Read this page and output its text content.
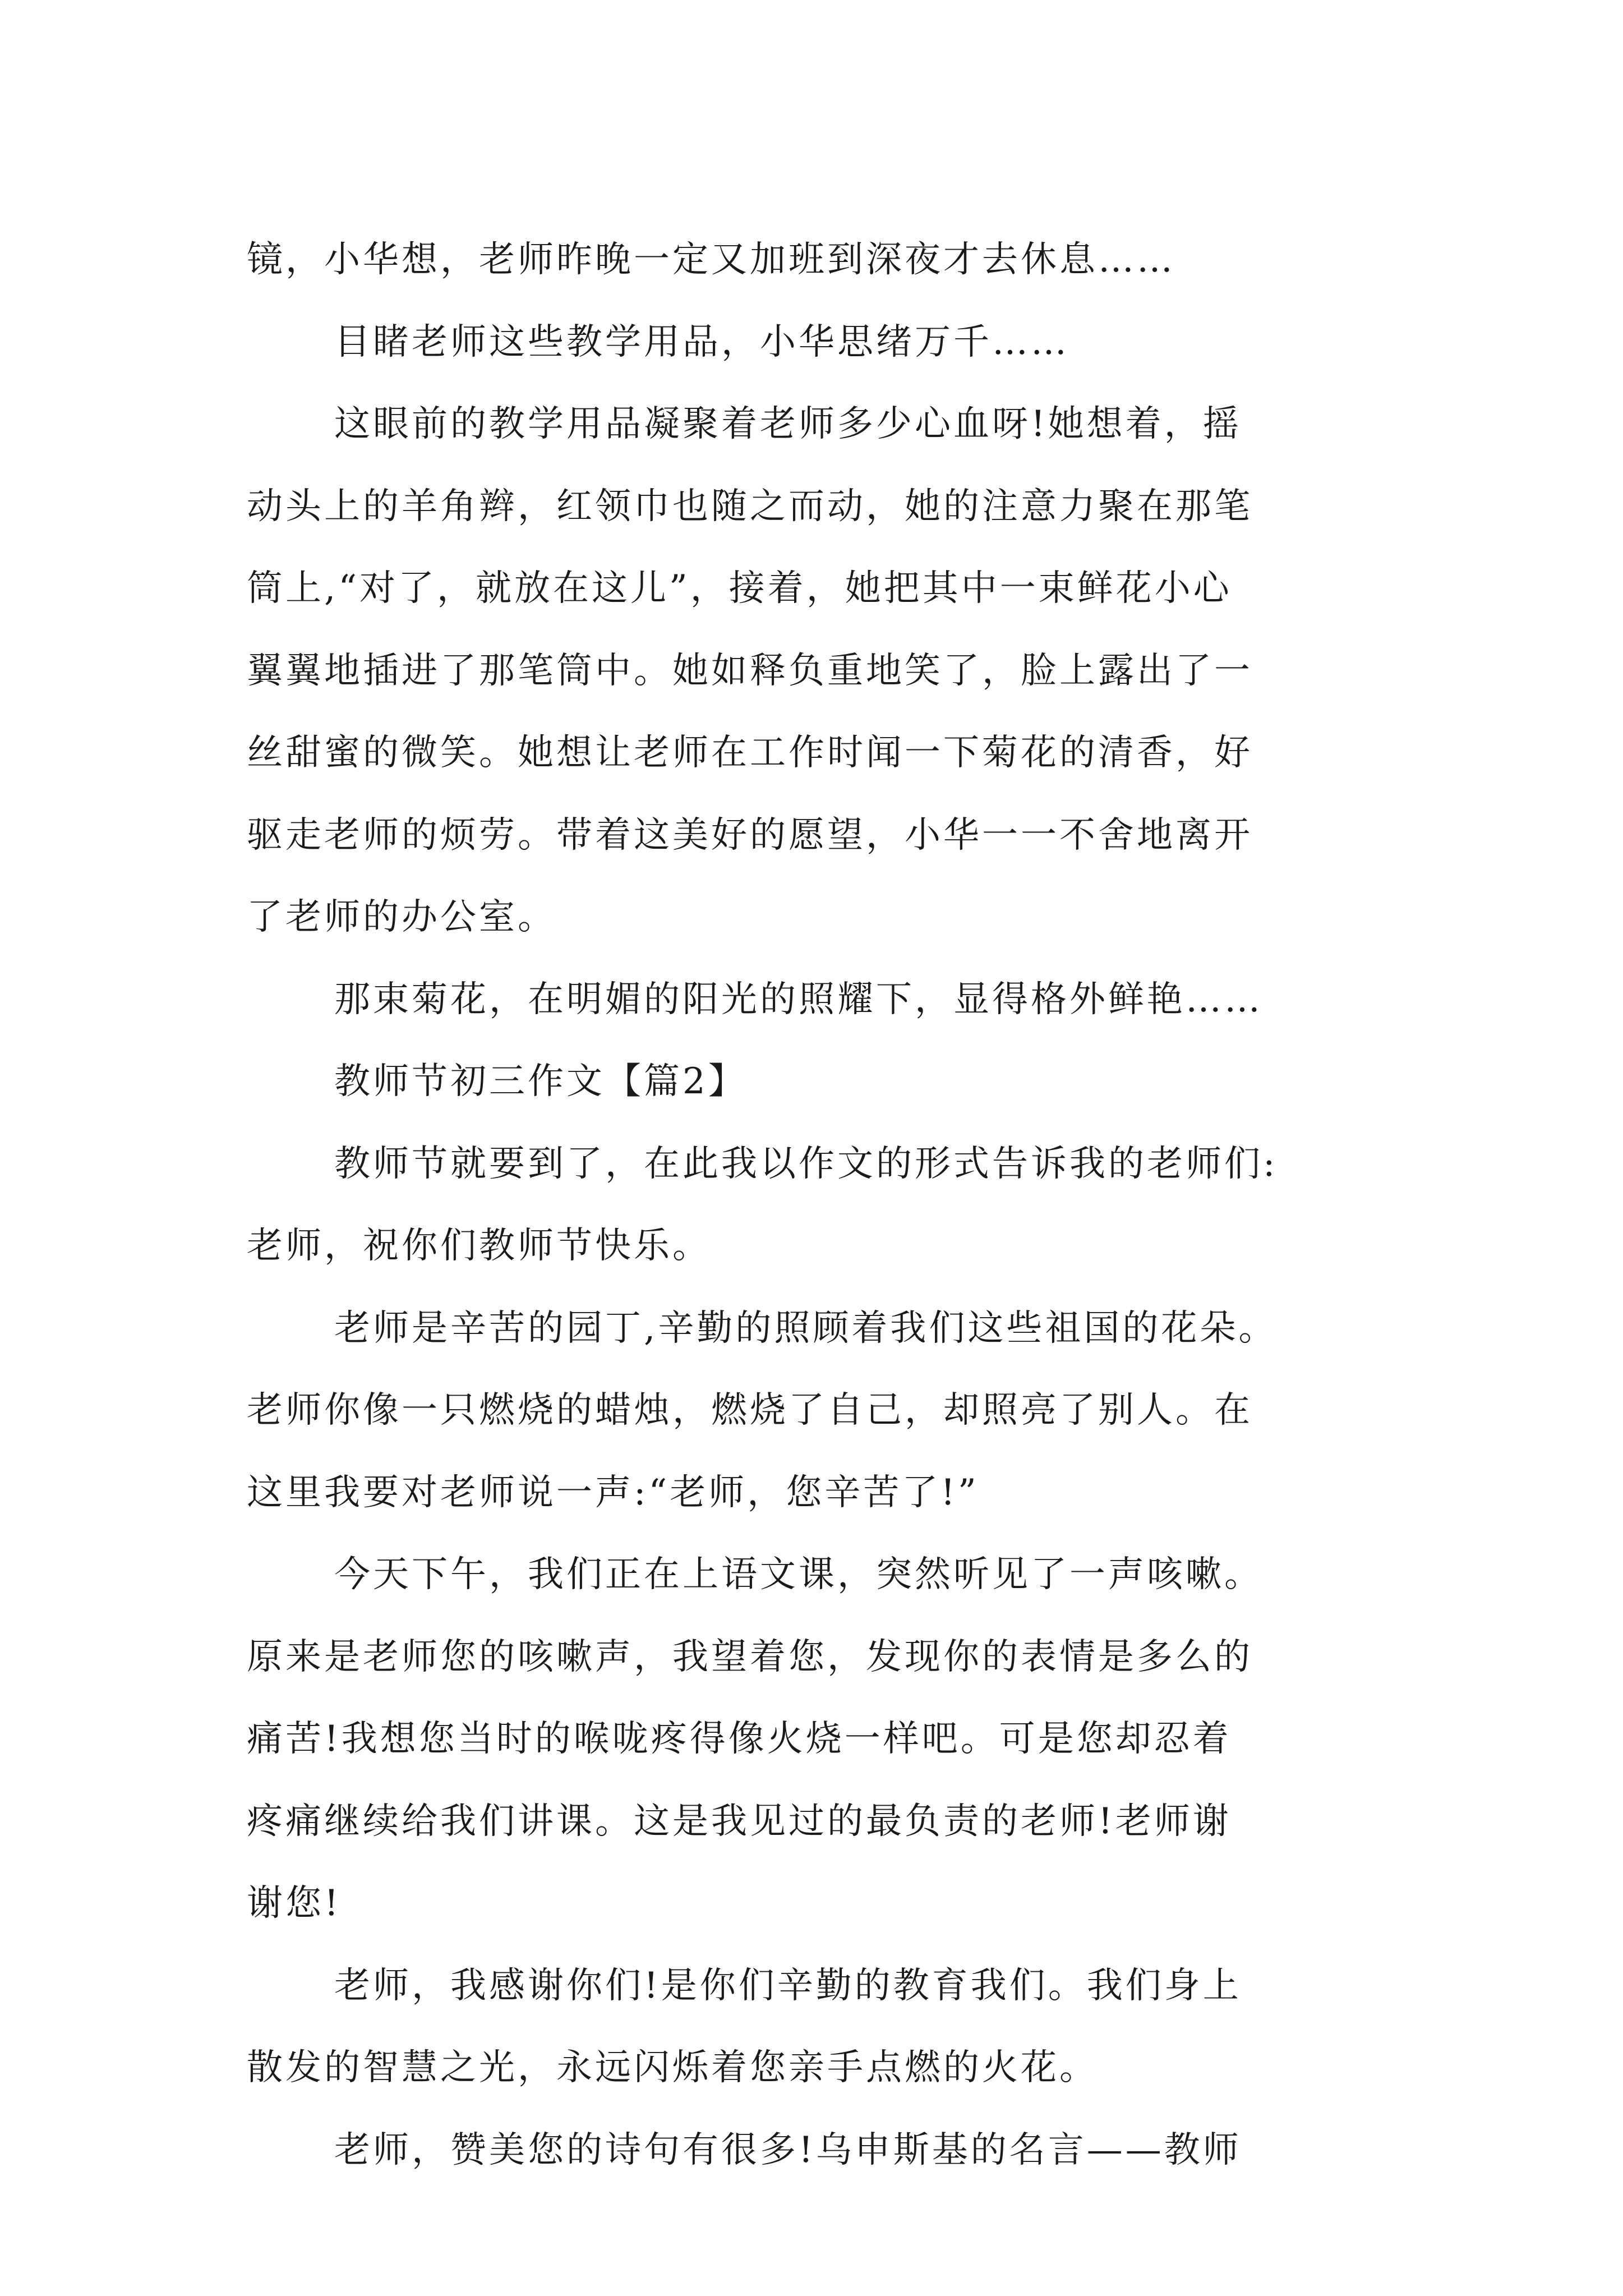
镜，小华想，老师昨晚一定又加班到深夜才去休息……

目睹老师这些教学用品，小华思绪万千……

这眼前的教学用品凝聚着老师多少心血呀!她想着，摇

动头上的羊角辫，红领巾也随之而动，她的注意力聚在那笔

筒上,“对了，就放在这儿”，接着，她把其中一束鲜花小心

翼翼地插进了那笔筒中。她如释负重地笑了，脸上露出了一

丝甜蜜的微笑。她想让老师在工作时闻一下菊花的清香，好

驱走老师的烦劳。带着这美好的愿望，小华一一不舍地离开

了老师的办公室。

那束菊花，在明媚的阳光的照耀下，显得格外鲜艳……

教师节初三作文【篇2】

教师节就要到了，在此我以作文的形式告诉我的老师们:

老师，祝你们教师节快乐。

老师是辛苦的园丁,辛勤的照顾着我们这些祖国的花朵。

老师你像一只燃烧的蜡烛，燃烧了自己，却照亮了别人。在

这里我要对老师说一声:“老师，您辛苦了!”

今天下午，我们正在上语文课，突然听见了一声咳嗽。

原来是老师您的咳嗽声，我望着您，发现你的表情是多么的

痛苦!我想您当时的喉咙疼得像火烧一样吧。可是您却忍着

疼痛继续给我们讲课。这是我见过的最负责的老师!老师谢

谢您!

老师，我感谢你们!是你们辛勤的教育我们。我们身上

散发的智慧之光，永远闪烁着您亲手点燃的火花。

老师，赞美您的诗句有很多!乌申斯基的名言——教师
